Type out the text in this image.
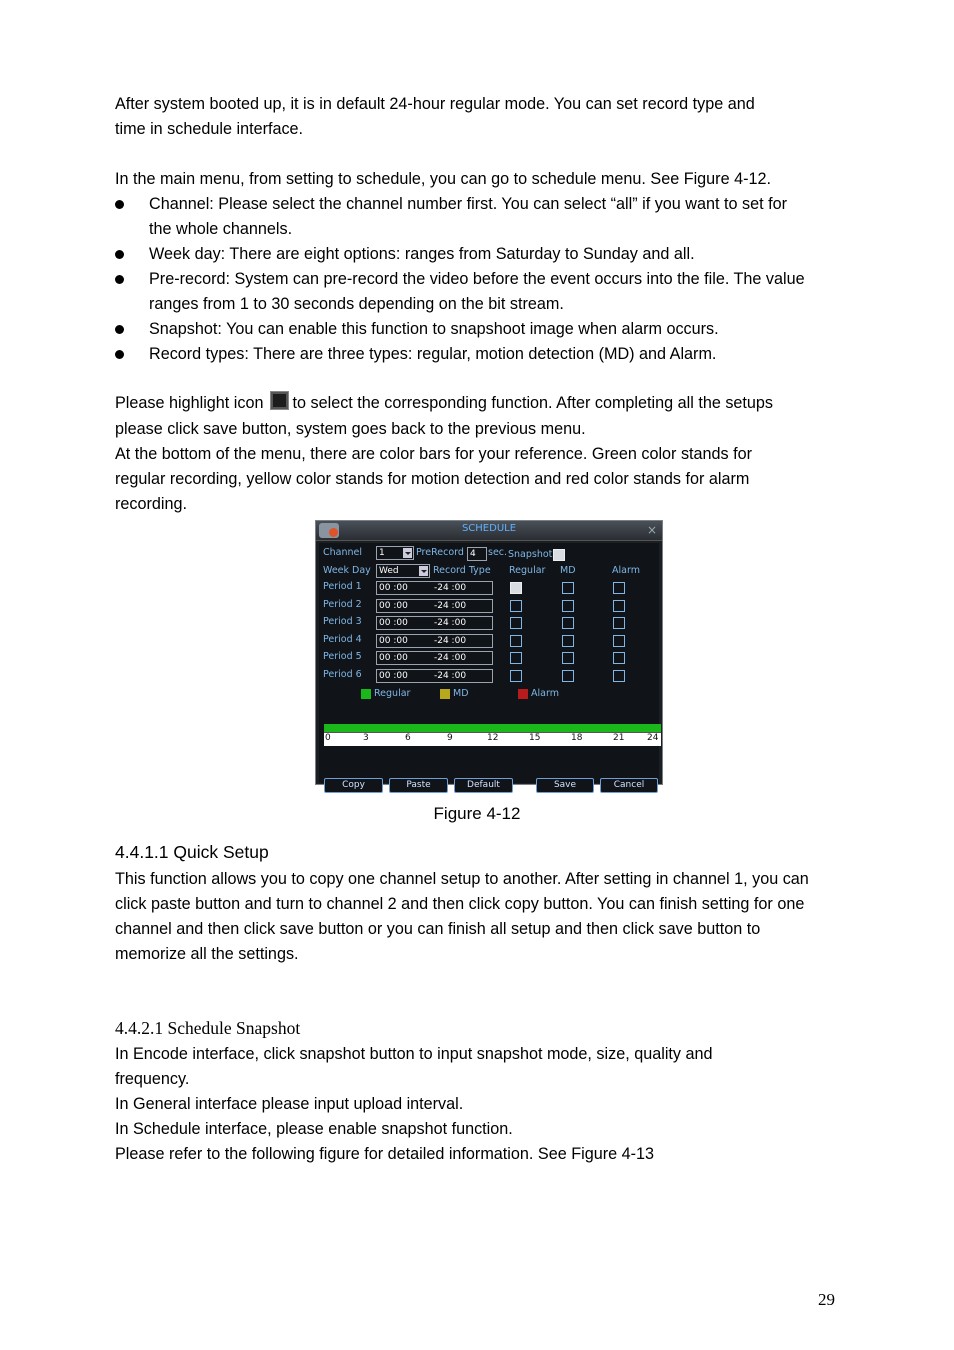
After system booted up, it is in default 24-hour regular mode. You can set record type and

time in schedule interface.

In the main menu, from setting to schedule, you can go to schedule menu. See Figure 4-12.

Channel: Please select the channel number first. You can select “all” if you want to set for
the whole channels.
Week day: There are eight options: ranges from Saturday to Sunday and all.
Pre-record: System can pre-record the video before the event occurs into the file. The value
ranges from 1 to 30 seconds depending on the bit stream.
Snapshot: You can enable this function to snapshoot image when alarm occurs.
Record types: There are three types: regular, motion detection (MD) and Alarm.

Please highlight icon to select the corresponding function. After completing all the setups

please click save button, system goes back to the previous menu.

At the bottom of the menu, there are color bars for your reference. Green color stands for

regular recording, yellow color stands for motion detection and red color stands for alarm

recording.

SCHEDULE	×
Channel	1	PreRecord 4	sec. Snapshot
Week Day Wed	Record Type Regular MD	Alarm
Period 1	00 :00	-24 :00
Period 2	00 :00	-24 :00
Period 3	00 :00	-24 :00
Period 4	00 :00	-24 :00
Period 5	00 :00	-24 :00
Period 6	00 :00	-24 :00
Regular	MD	Alarm
0	3	6	9	12	15	18	21	24
Copy	Paste	Default	Save	Cancel
Figure 4-12
4.4.1.1 Quick Setup

This function allows you to copy one channel setup to another. After setting in channel 1, you can

click paste button and turn to channel 2 and then click copy button. You can finish setting for one

channel and then click save button or you can finish all setup and then click save button to

memorize all the settings.

4.4.2.1 Schedule Snapshot

In Encode interface, click snapshot button to input snapshot mode, size, quality and

frequency.

In General interface please input upload interval.

In Schedule interface, please enable snapshot function.

Please refer to the following figure for detailed information. See Figure 4-13

29
